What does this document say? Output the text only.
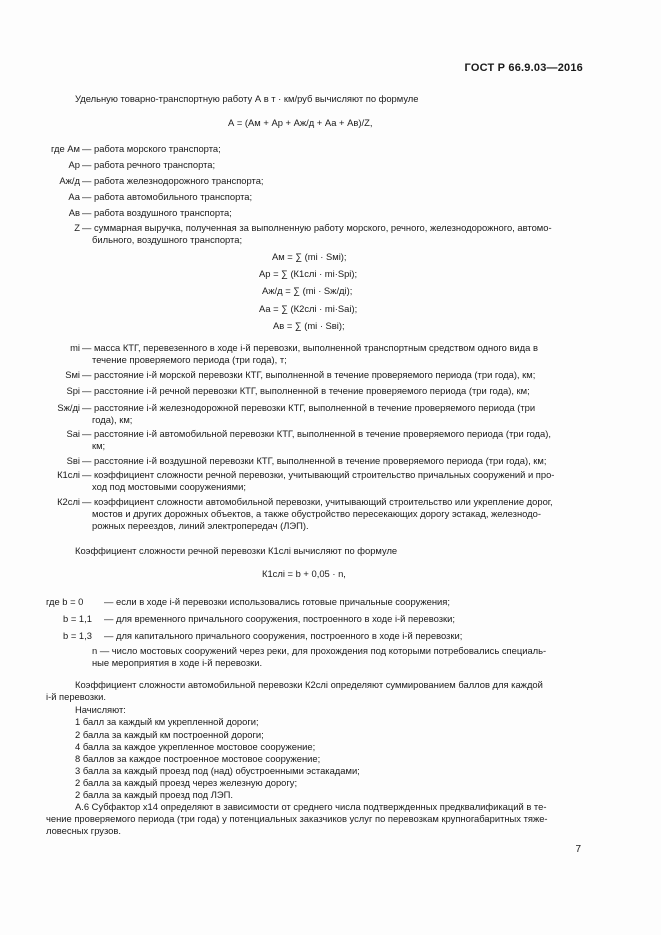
ГОСТ Р 66.9.03—2016
Удельную товарно-транспортную работу А в т · км/руб вычисляют по формуле
А = (Ам + Ар + Аж/д + Аа + Ав)/Z,
где Ам — работа морского транспорта;
Ар — работа речного транспорта;
Аж/д — работа железнодорожного транспорта;
Аа — работа автомобильного транспорта;
Ав — работа воздушного транспорта;
Z — суммарная выручка, полученная за выполненную работу морского, речного, железнодорожного, автомо-
бильного, воздушного транспорта;
Ам = ∑ (mi · Sмi);
Ар = ∑ (К1слi · mi·Spi);
Аж/д = ∑ (mi · Sж/дi);
Аа = ∑ (К2слi · mi·Sai);
Ав = ∑ (mi · Sвi);
mi — масса КТГ, перевезенного в ходе i-й перевозки, выполненной транспортным средством одного вида в
течение проверяемого периода (три года), т;
Sмi — расстояние i-й морской перевозки КТГ, выполненной в течение проверяемого периода (три года), км;
Spi — расстояние i-й речной перевозки КТГ, выполненной в течение проверяемого периода (три года), км;
Sж/дi — расстояние i-й железнодорожной перевозки КТГ, выполненной в течение проверяемого периода (три
года), км;
Sai — расстояние i-й автомобильной перевозки КТГ, выполненной в течение проверяемого периода (три года),
км;
Sвi — расстояние i-й воздушной перевозки КТГ, выполненной в течение проверяемого периода (три года), км;
К1слi — коэффициент сложности речной перевозки, учитывающий строительство причальных сооружений и про-
ход под мостовыми сооружениями;
К2слi — коэффициент сложности автомобильной перевозки, учитывающий строительство или укрепление дорог,
мостов и других дорожных объектов, а также обустройство пересекающих дорогу эстакад, железнодо-
рожных переездов, линий электропередач (ЛЭП).
Коэффициент сложности речной перевозки К1слi вычисляют по формуле
К1слi = b + 0,05 · n,
где b = 0 — если в ходе i-й перевозки использовались готовые причальные сооружения;
b = 1,1 — для временного причального сооружения, построенного в ходе i-й перевозки;
b = 1,3 — для капитального причального сооружения, построенного в ходе i-й перевозки;
n — число мостовых сооружений через реки, для прохождения под которыми потребовались специаль-
ные мероприятия в ходе i-й перевозки.
Коэффициент сложности автомобильной перевозки К2слi определяют суммированием баллов для каждой
i-й перевозки.
Начисляют:
1 балл за каждый км укрепленной дороги;
2 балла за каждый км построенной дороги;
4 балла за каждое укрепленное мостовое сооружение;
8 баллов за каждое построенное мостовое сооружение;
3 балла за каждый проезд под (над) обустроенными эстакадами;
2 балла за каждый проезд через железную дорогу;
2 балла за каждый проезд под ЛЭП.
А.6 Субфактор x14 определяют в зависимости от среднего числа подтвержденных предквалификаций в те-
чение проверяемого периода (три года) у потенциальных заказчиков услуг по перевозкам крупногабаритных тяже-
ловесных грузов.
7
